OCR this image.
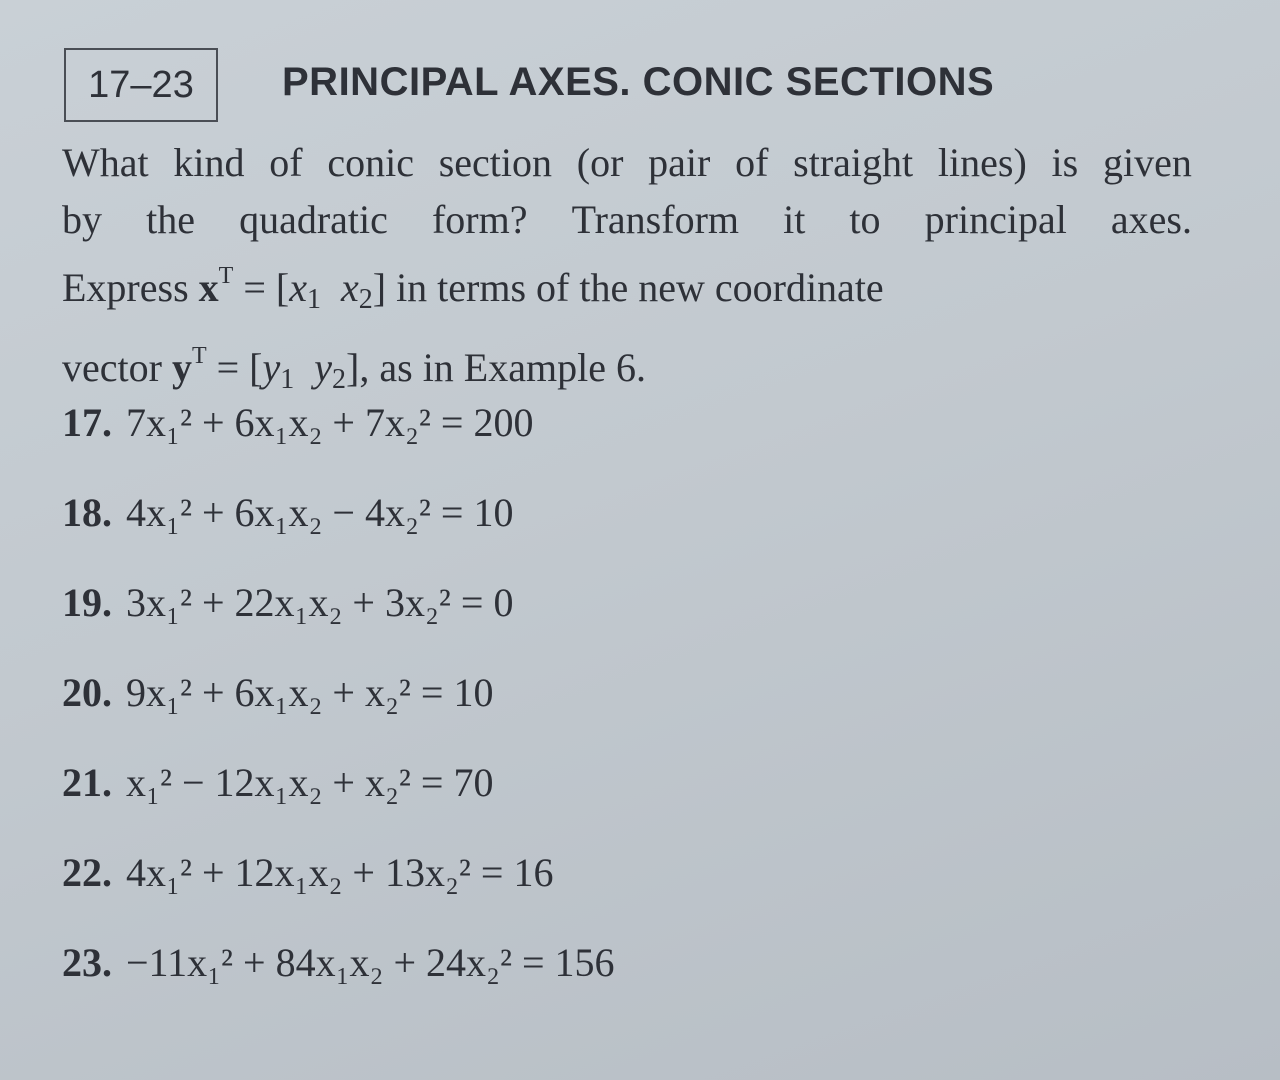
17–23	PRINCIPAL AXES. CONIC SECTIONS
What kind of conic section (or pair of straight lines) is given
by the quadratic form? Transform it to principal axes.
Express $x^T = [x_1$ $x_2$] in terms of the new coordinate
vector $y^T = [y_1$ $y_2$], as in Example 6.
17. 7x₁² + 6x₁x₂ + 7x₂² = 200
18. 4x₁² + 6x₁x₂ − 4x₂² = 10
19. 3x₁² + 22x₁x₂ + 3x₂² = 0
20. 9x₁² + 6x₁x₂ + x₂² = 10
21. x₁² − 12x₁x₂ + x₂² = 70
22. 4x₁² + 12x₁x₂ + 13x₂² = 16
23. −11x₁² + 84x₁x₂ + 24x₂² = 156
